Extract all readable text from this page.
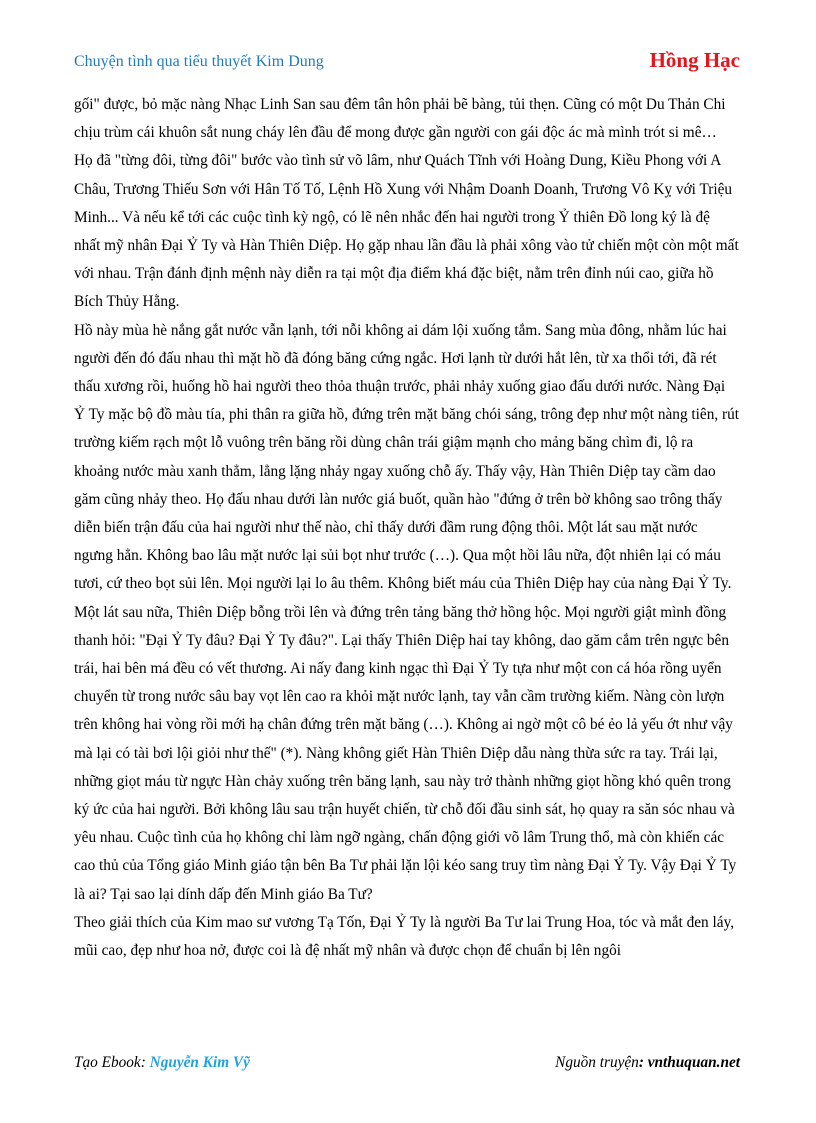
Chuyện tình qua tiểu thuyết Kim Dung	Hồng Hạc

gối" được, bỏ mặc nàng Nhạc Linh San sau đêm tân hôn phải bẽ bàng, tủi thẹn. Cũng có một Du Thản Chi chịu trùm cái khuôn sắt nung cháy lên đầu để mong được gần người con gái độc ác mà mình trót si mê…

Họ đã "từng đôi, từng đôi" bước vào tình sử võ lâm, như Quách Tĩnh với Hoàng Dung, Kiều Phong với A Châu, Trương Thiếu Sơn với Hân Tố Tố, Lệnh Hồ Xung với Nhậm Doanh Doanh, Trương Vô Kỵ với Triệu Minh... Và nếu kể tới các cuộc tình kỳ ngộ, có lẽ nên nhắc đến hai người trong Ỷ thiên Đồ long ký là đệ nhất mỹ nhân Đại Ỷ Ty và Hàn Thiên Diệp. Họ gặp nhau lần đầu là phải xông vào tử chiến một còn một mất với nhau. Trận đánh định mệnh này diễn ra tại một địa điểm khá đặc biệt, nằm trên đỉnh núi cao, giữa hồ Bích Thủy Hằng.

Hồ này mùa hè nắng gắt nước vẫn lạnh, tới nỗi không ai dám lội xuống tắm. Sang mùa đông, nhằm lúc hai người đến đó đấu nhau thì mặt hồ đã đóng băng cứng ngắc. Hơi lạnh từ dưới hắt lên, từ xa thổi tới, đã rét thấu xương rồi, huống hồ hai người theo thỏa thuận trước, phải nhảy xuống giao đấu dưới nước. Nàng Đại Ỷ Ty mặc bộ đồ màu tía, phi thân ra giữa hồ, đứng trên mặt băng chói sáng, trông đẹp như một nàng tiên, rút trường kiếm rạch một lỗ vuông trên băng rồi dùng chân trái giậm mạnh cho mảng băng chìm đi, lộ ra khoảng nước màu xanh thẳm, lẳng lặng nhảy ngay xuống chỗ ấy. Thấy vậy, Hàn Thiên Diệp tay cầm dao găm cũng nhảy theo. Họ đấu nhau dưới làn nước giá buốt, quần hào "đứng ở trên bờ không sao trông thấy diễn biến trận đấu của hai người như thế nào, chỉ thấy dưới đầm rung động thôi. Một lát sau mặt nước ngưng hẳn. Không bao lâu mặt nước lại sủi bọt như trước (…). Qua một hồi lâu nữa, đột nhiên lại có máu tươi, cứ theo bọt sủi lên. Mọi người lại lo âu thêm. Không biết máu của Thiên Diệp hay của nàng Đại Ỷ Ty. Một lát sau nữa, Thiên Diệp bỗng trồi lên và đứng trên tảng băng thở hồng hộc. Mọi người giật mình đồng thanh hỏi: "Đại Ỷ Ty đâu? Đại Ỷ Ty đâu?". Lại thấy Thiên Diệp hai tay không, dao găm cắm trên ngực bên trái, hai bên má đều có vết thương. Ai nấy đang kinh ngạc thì Đại Ỷ Ty tựa như một con cá hóa rồng uyển chuyển từ trong nước sâu bay vọt lên cao ra khỏi mặt nước lạnh, tay vẫn cầm trường kiếm. Nàng còn lượn trên không hai vòng rồi mới hạ chân đứng trên mặt băng (…). Không ai ngờ một cô bé ẻo lả yếu ớt như vậy mà lại có tài bơi lội giỏi như thế" (*). Nàng không giết Hàn Thiên Diệp dẫu nàng thừa sức ra tay. Trái lại, những giọt máu từ ngực Hàn chảy xuống trên băng lạnh, sau này trở thành những giọt hồng khó quên trong ký ức của hai người. Bởi không lâu sau trận huyết chiến, từ chỗ đối đầu sinh sát, họ quay ra săn sóc nhau và yêu nhau. Cuộc tình của họ không chỉ làm ngỡ ngàng, chấn động giới võ lâm Trung thổ, mà còn khiến các cao thủ của Tổng giáo Minh giáo tận bên Ba Tư phải lặn lội kéo sang truy tìm nàng Đại Ỷ Ty. Vậy Đại Ỷ Ty là ai? Tại sao lại dính dấp đến Minh giáo Ba Tư?

Theo giải thích của Kim mao sư vương Tạ Tốn, Đại Ỷ Ty là người Ba Tư lai Trung Hoa, tóc và mắt đen láy, mũi cao, đẹp như hoa nở, được coi là đệ nhất mỹ nhân và được chọn để chuẩn bị lên ngôi

Tạo Ebook: Nguyễn Kim Vỹ	Nguồn truyện: vnthuquan.net
